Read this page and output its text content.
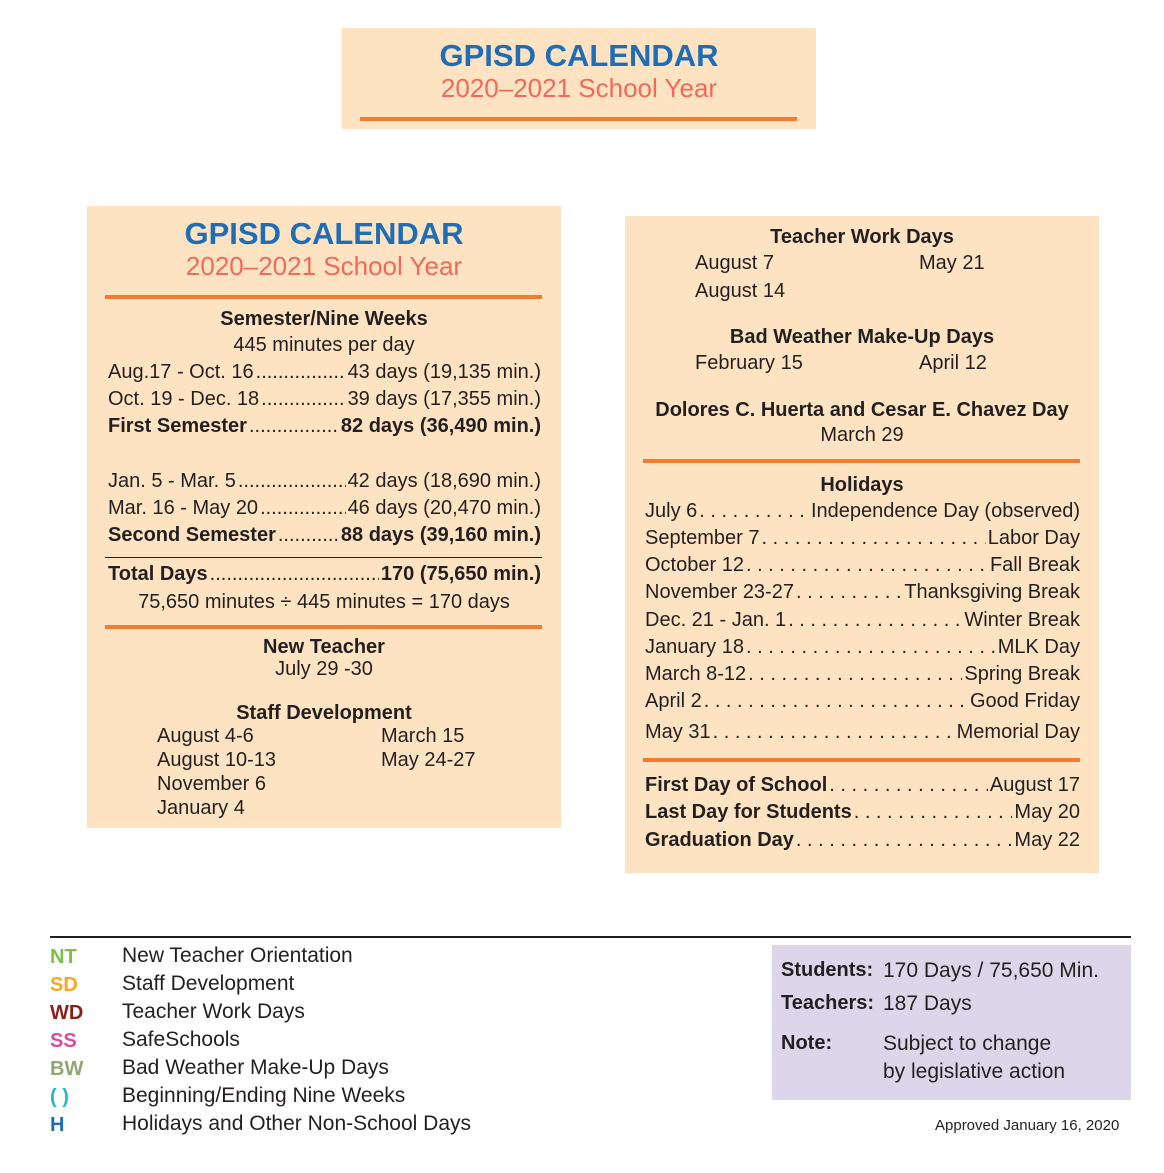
GPISD CALENDAR
2020–2021 School Year
GPISD CALENDAR
2020–2021 School Year
Semester/Nine Weeks
445 minutes per day
Aug.17 - Oct. 16 .....	43 days (19,135 min.)
Oct. 19 - Dec. 18 .....	39 days (17,355 min.)
First Semester .....	82 days (36,490 min.)
Jan. 5 - Mar. 5 .....	42 days (18,690 min.)
Mar. 16 - May 20 .....	46 days (20,470 min.)
Second Semester .....	88 days (39,160 min.)
Total Days .....	170 (75,650 min.)
75,650 minutes ÷ 445 minutes = 170 days
New Teacher
July 29 -30
Staff Development
August 4-6
August 10-13
November 6
January 4
March 15
May 24-27
Teacher Work Days
August 7
August 14
May 21
Bad Weather Make-Up Days
February 15	April 12
Dolores C. Huerta and Cesar E. Chavez Day
March 29
Holidays
July 6 . . .	Independence Day (observed)
September 7 . . .	Labor Day
October 12 . . .	Fall Break
November 23-27 . . .	Thanksgiving Break
Dec. 21 - Jan. 1 . . .	Winter Break
January 18 . . .	MLK Day
March 8-12 . . .	Spring Break
April 2 . . .	Good Friday
May 31 . . .	Memorial Day
First Day of School . . .	August 17
Last Day for Students . . .	May 20
Graduation Day . . .	May 22
NT New Teacher Orientation
SD Staff Development
WD Teacher Work Days
SS SafeSchools
BW Bad Weather Make-Up Days
( )	Beginning/Ending Nine Weeks
H	Holidays and Other Non-School Days
Students: 170 Days / 75,650 Min.
Teachers: 187 Days
Note: Subject to change
by legislative action
Approved January 16, 2020
